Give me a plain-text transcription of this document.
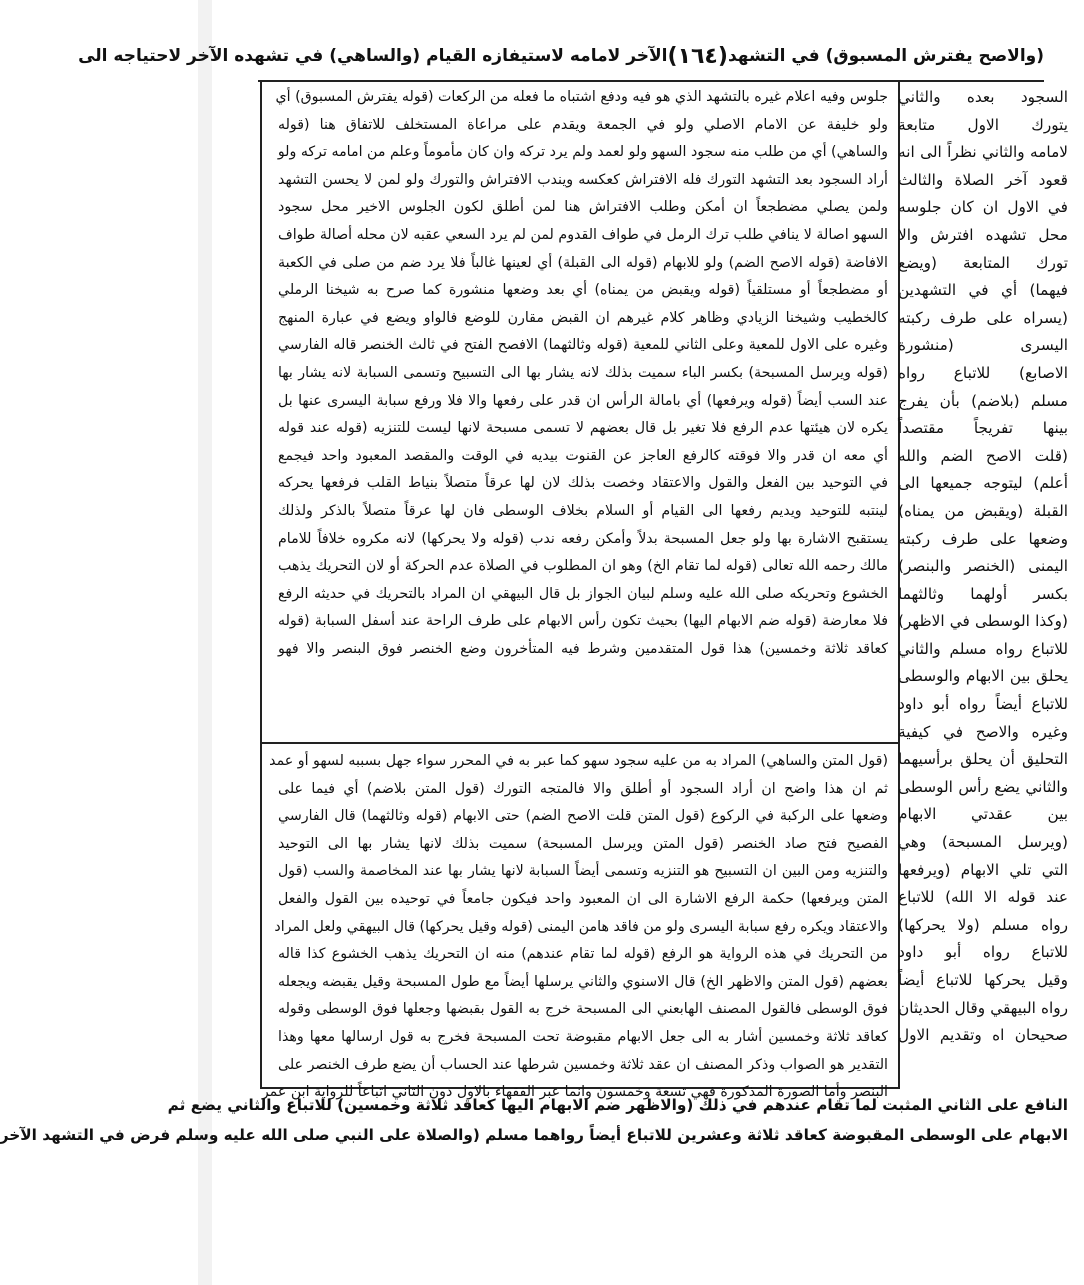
(والاصح يفترش المسبوق) في التشهد
(١٦٤)
الآخر لامامه لاستيفازه القيام (والساهي) في تشهده الآخر لاحتياجه الى
جلوس وفيه اعلام غيره بالتشهد الذي هو فيه ودفع اشتباه ما فعله من الركعات (قوله يفترش المسبوق) أي
ولو خليفة عن الامام الاصلي ولو في الجمعة ويقدم على مراعاة المستخلف للاتفاق هنا (قوله
والساهي) أي من طلب منه سجود السهو ولو لعمد ولم يرد تركه وان كان مأموماً وعلم من امامه تركه ولو
أراد السجود بعد التشهد التورك فله الافتراش كعكسه ويندب الافتراش والتورك ولو لمن لا يحسن التشهد
ولمن يصلي مضطجعاً ان أمكن وطلب الافتراش هنا لمن أطلق لكون الجلوس الاخير محل سجود
السهو اصالة لا ينافي طلب ترك الرمل في طواف القدوم لمن لم يرد السعي عقبه لان محله أصالة طواف
الافاضة (قوله الاصح الضم) ولو للابهام (قوله الى القبلة) أي لعينها غالباً فلا يرد ضم من صلى في الكعبة
أو مضطجعاً أو مستلقياً (قوله ويقبض من يمناه) أي بعد وضعها منشورة كما صرح به شيخنا الرملي
كالخطيب وشيخنا الزيادي وظاهر كلام غيرهم ان القبض مقارن للوضع فالواو ويضع في عبارة المنهج
وغيره على الاول للمعية وعلى الثاني للمعية (قوله وثالثهما) الافصح الفتح في ثالث الخنصر قاله الفارسي
(قوله ويرسل المسبحة) بكسر الباء سميت بذلك لانه يشار بها الى التسبيح وتسمى السبابة لانه يشار بها
عند السب أيضاً (قوله ويرفعها) أي بامالة الرأس ان قدر على رفعها والا فلا ورفع سبابة اليسرى عنها بل
يكره لان هيئتها عدم الرفع فلا تغير بل قال بعضهم لا تسمى مسبحة لانها ليست للتنزيه (قوله عند قوله
أي معه ان قدر والا فوقته كالرفع العاجز عن القنوت بيديه في الوقت والمقصد المعبود واحد فيجمع
في التوحيد بين الفعل والقول والاعتقاد وخصت بذلك لان لها عرقاً متصلاً بنياط القلب فرفعها يحركه
لينتبه للتوحيد ويديم رفعها الى القيام أو السلام بخلاف الوسطى فان لها عرقاً متصلاً بالذكر ولذلك
يستقبح الاشارة بها ولو جعل المسبحة بدلاً وأمكن رفعه ندب (قوله ولا يحركها) لانه مكروه خلافاً للامام
مالك رحمه الله تعالى (قوله لما تقام الخ) وهو ان المطلوب في الصلاة عدم الحركة أو لان التحريك يذهب
الخشوع وتحريكه صلى الله عليه وسلم لبيان الجواز بل قال البيهقي ان المراد بالتحريك في حديثه الرفع
فلا معارضة (قوله ضم الابهام اليها) بحيث تكون رأس الابهام على طرف الراحة عند أسفل السبابة (قوله
كعاقد ثلاثة وخمسين) هذا قول المتقدمين وشرط فيه المتأخرون وضع الخنصر فوق البنصر والا فهو
(قول المتن والساهي) المراد به من عليه سجود سهو كما عبر به في المحرر سواء جهل بسببه لسهو أو عمد
ثم ان هذا واضح ان أراد السجود أو أطلق والا فالمتجه التورك (قول المتن بلاضم) أي فيما على
وضعها على الركبة في الركوع (قول المتن قلت الاصح الضم) حتى الابهام (قوله وثالثهما) قال الفارسي
الفصيح فتح صاد الخنصر (قول المتن ويرسل المسبحة) سميت بذلك لانها يشار بها الى التوحيد
والتنزيه ومن البين ان التسبيح هو التنزيه وتسمى أيضاً السبابة لانها يشار بها عند المخاصمة والسب (قول
المتن ويرفعها) حكمة الرفع الاشارة الى ان المعبود واحد فيكون جامعاً في توحيده بين القول والفعل
والاعتقاد ويكره رفع سبابة اليسرى ولو من فاقد هامن اليمنى (قوله وقيل يحركها) قال البيهقي ولعل المراد
من التحريك في هذه الرواية هو الرفع (قوله لما تقام عندهم) منه ان التحريك يذهب الخشوع كذا قاله
بعضهم (قول المتن والاظهر الخ) قال الاسنوي والثاني يرسلها أيضاً مع طول المسبحة وقيل يقبضه ويجعله
فوق الوسطى فالقول المصنف الهابعني الى المسبحة خرج به القول بقبضها وجعلها فوق الوسطى وقوله
كعاقد ثلاثة وخمسين أشار به الى جعل الابهام مقبوضة تحت المسبحة فخرج به قول ارسالها معها وهذا
التقدير هو الصواب وذكر المصنف ان عقد ثلاثة وخمسين شرطها عند الحساب أن يضع طرف الخنصر على
البنصر وأما الصورة المذكورة فهي تسعة وخمسون وانما عبر الفقهاء بالاول دون الثاني اتباعاً للرواية ابن عمر
السجود بعده والثاني
يتورك الاول متابعة
لامامه والثاني نظراً الى انه
قعود آخر الصلاة والثالث
في الاول ان كان جلوسه
محل تشهده افترش والا
تورك المتابعة (ويضع
فيهما) أي في التشهدين
(يسراه على طرف ركبته
اليسرى (منشورة
الاصابع) للاتباع رواه
مسلم (بلاضم) بأن يفرج
بينها تفريجاً مقتصداً
(قلت الاصح الضم والله
أعلم) ليتوجه جميعها الى
القبلة (ويقبض من يمناه)
وضعها على طرف ركبته
اليمنى (الخنصر والبنصر)
بكسر أولهما وثالثهما
(وكذا الوسطى في الاظهر)
للاتباع رواه مسلم والثاني
يحلق بين الابهام والوسطى
للاتباع أيضاً رواه أبو داود
وغيره والاصح في كيفية
التحليق أن يحلق برأسيهما
والثاني يضع رأس الوسطى
بين عقدتي الابهام
(ويرسل المسبحة) وهي
التي تلي الابهام (ويرفعها
عند قوله الا الله) للاتباع
رواه مسلم (ولا يحركها)
للاتباع رواه أبو داود
وقيل يحركها للاتباع أيضاً
رواه البيهقي وقال الحديثان
صحيحان اه وتقديم الاول
النافع على الثاني المثبت لما تقام عندهم في ذلك (والاظهر ضم الابهام اليها كعاقد ثلاثة وخمسين) للاتباع والثاني يضع ثم
الابهام على الوسطى المقبوضة كعاقد ثلاثة وعشرين للاتباع أيضاً رواهما مسلم (والصلاة على النبي صلى الله عليه وسلم فرض في التشهد الآخر
